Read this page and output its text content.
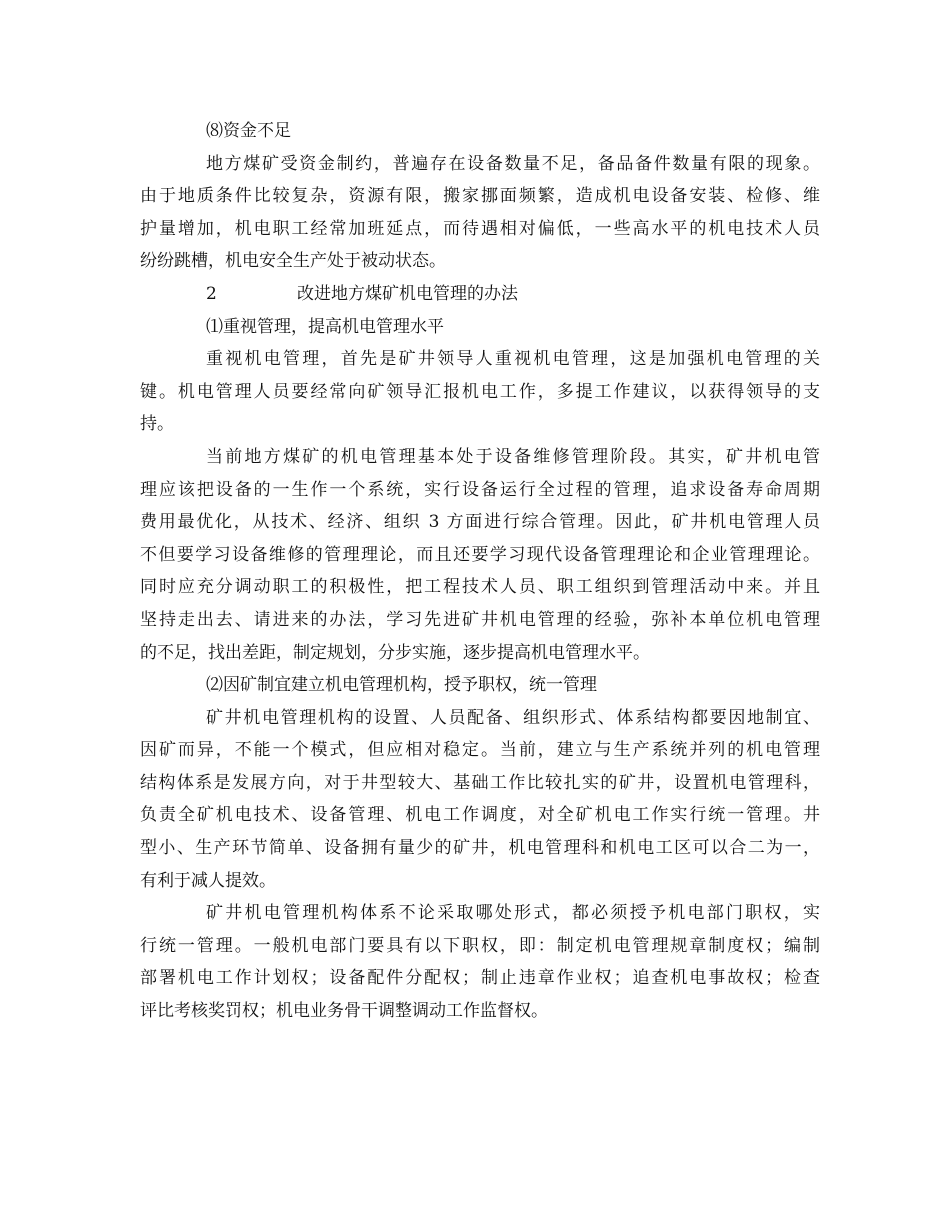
⑻资金不足
地方煤矿受资金制约，普遍存在设备数量不足，备品备件数量有限的现象。
由于地质条件比较复杂，资源有限，搬家挪面频繁，造成机电设备安装、检修、维
护量增加，机电职工经常加班延点，而待遇相对偏低，一些高水平的机电技术人员
纷纷跳槽，机电安全生产处于被动状态。
2	改进地方煤矿机电管理的办法
⑴重视管理，提高机电管理水平
重视机电管理，首先是矿井领导人重视机电管理，这是加强机电管理的关
键。机电管理人员要经常向矿领导汇报机电工作，多提工作建议，以获得领导的支
持。
当前地方煤矿的机电管理基本处于设备维修管理阶段。其实，矿井机电管
理应该把设备的一生作一个系统，实行设备运行全过程的管理，追求设备寿命周期
费用最优化，从技术、经济、组织 3 方面进行综合管理。因此，矿井机电管理人员
不但要学习设备维修的管理理论，而且还要学习现代设备管理理论和企业管理理论。
同时应充分调动职工的积极性，把工程技术人员、职工组织到管理活动中来。并且
坚持走出去、请进来的办法，学习先进矿井机电管理的经验，弥补本单位机电管理
的不足，找出差距，制定规划，分步实施，逐步提高机电管理水平。
⑵因矿制宜建立机电管理机构，授予职权，统一管理
矿井机电管理机构的设置、人员配备、组织形式、体系结构都要因地制宜、
因矿而异，不能一个模式，但应相对稳定。当前，建立与生产系统并列的机电管理
结构体系是发展方向，对于井型较大、基础工作比较扎实的矿井，设置机电管理科，
负责全矿机电技术、设备管理、机电工作调度，对全矿机电工作实行统一管理。井
型小、生产环节简单、设备拥有量少的矿井，机电管理科和机电工区可以合二为一，
有利于减人提效。
矿井机电管理机构体系不论采取哪处形式，都必须授予机电部门职权，实
行统一管理。一般机电部门要具有以下职权，即：制定机电管理规章制度权；编制
部署机电工作计划权；设备配件分配权；制止违章作业权；追查机电事故权；检查
评比考核奖罚权；机电业务骨干调整调动工作监督权。
